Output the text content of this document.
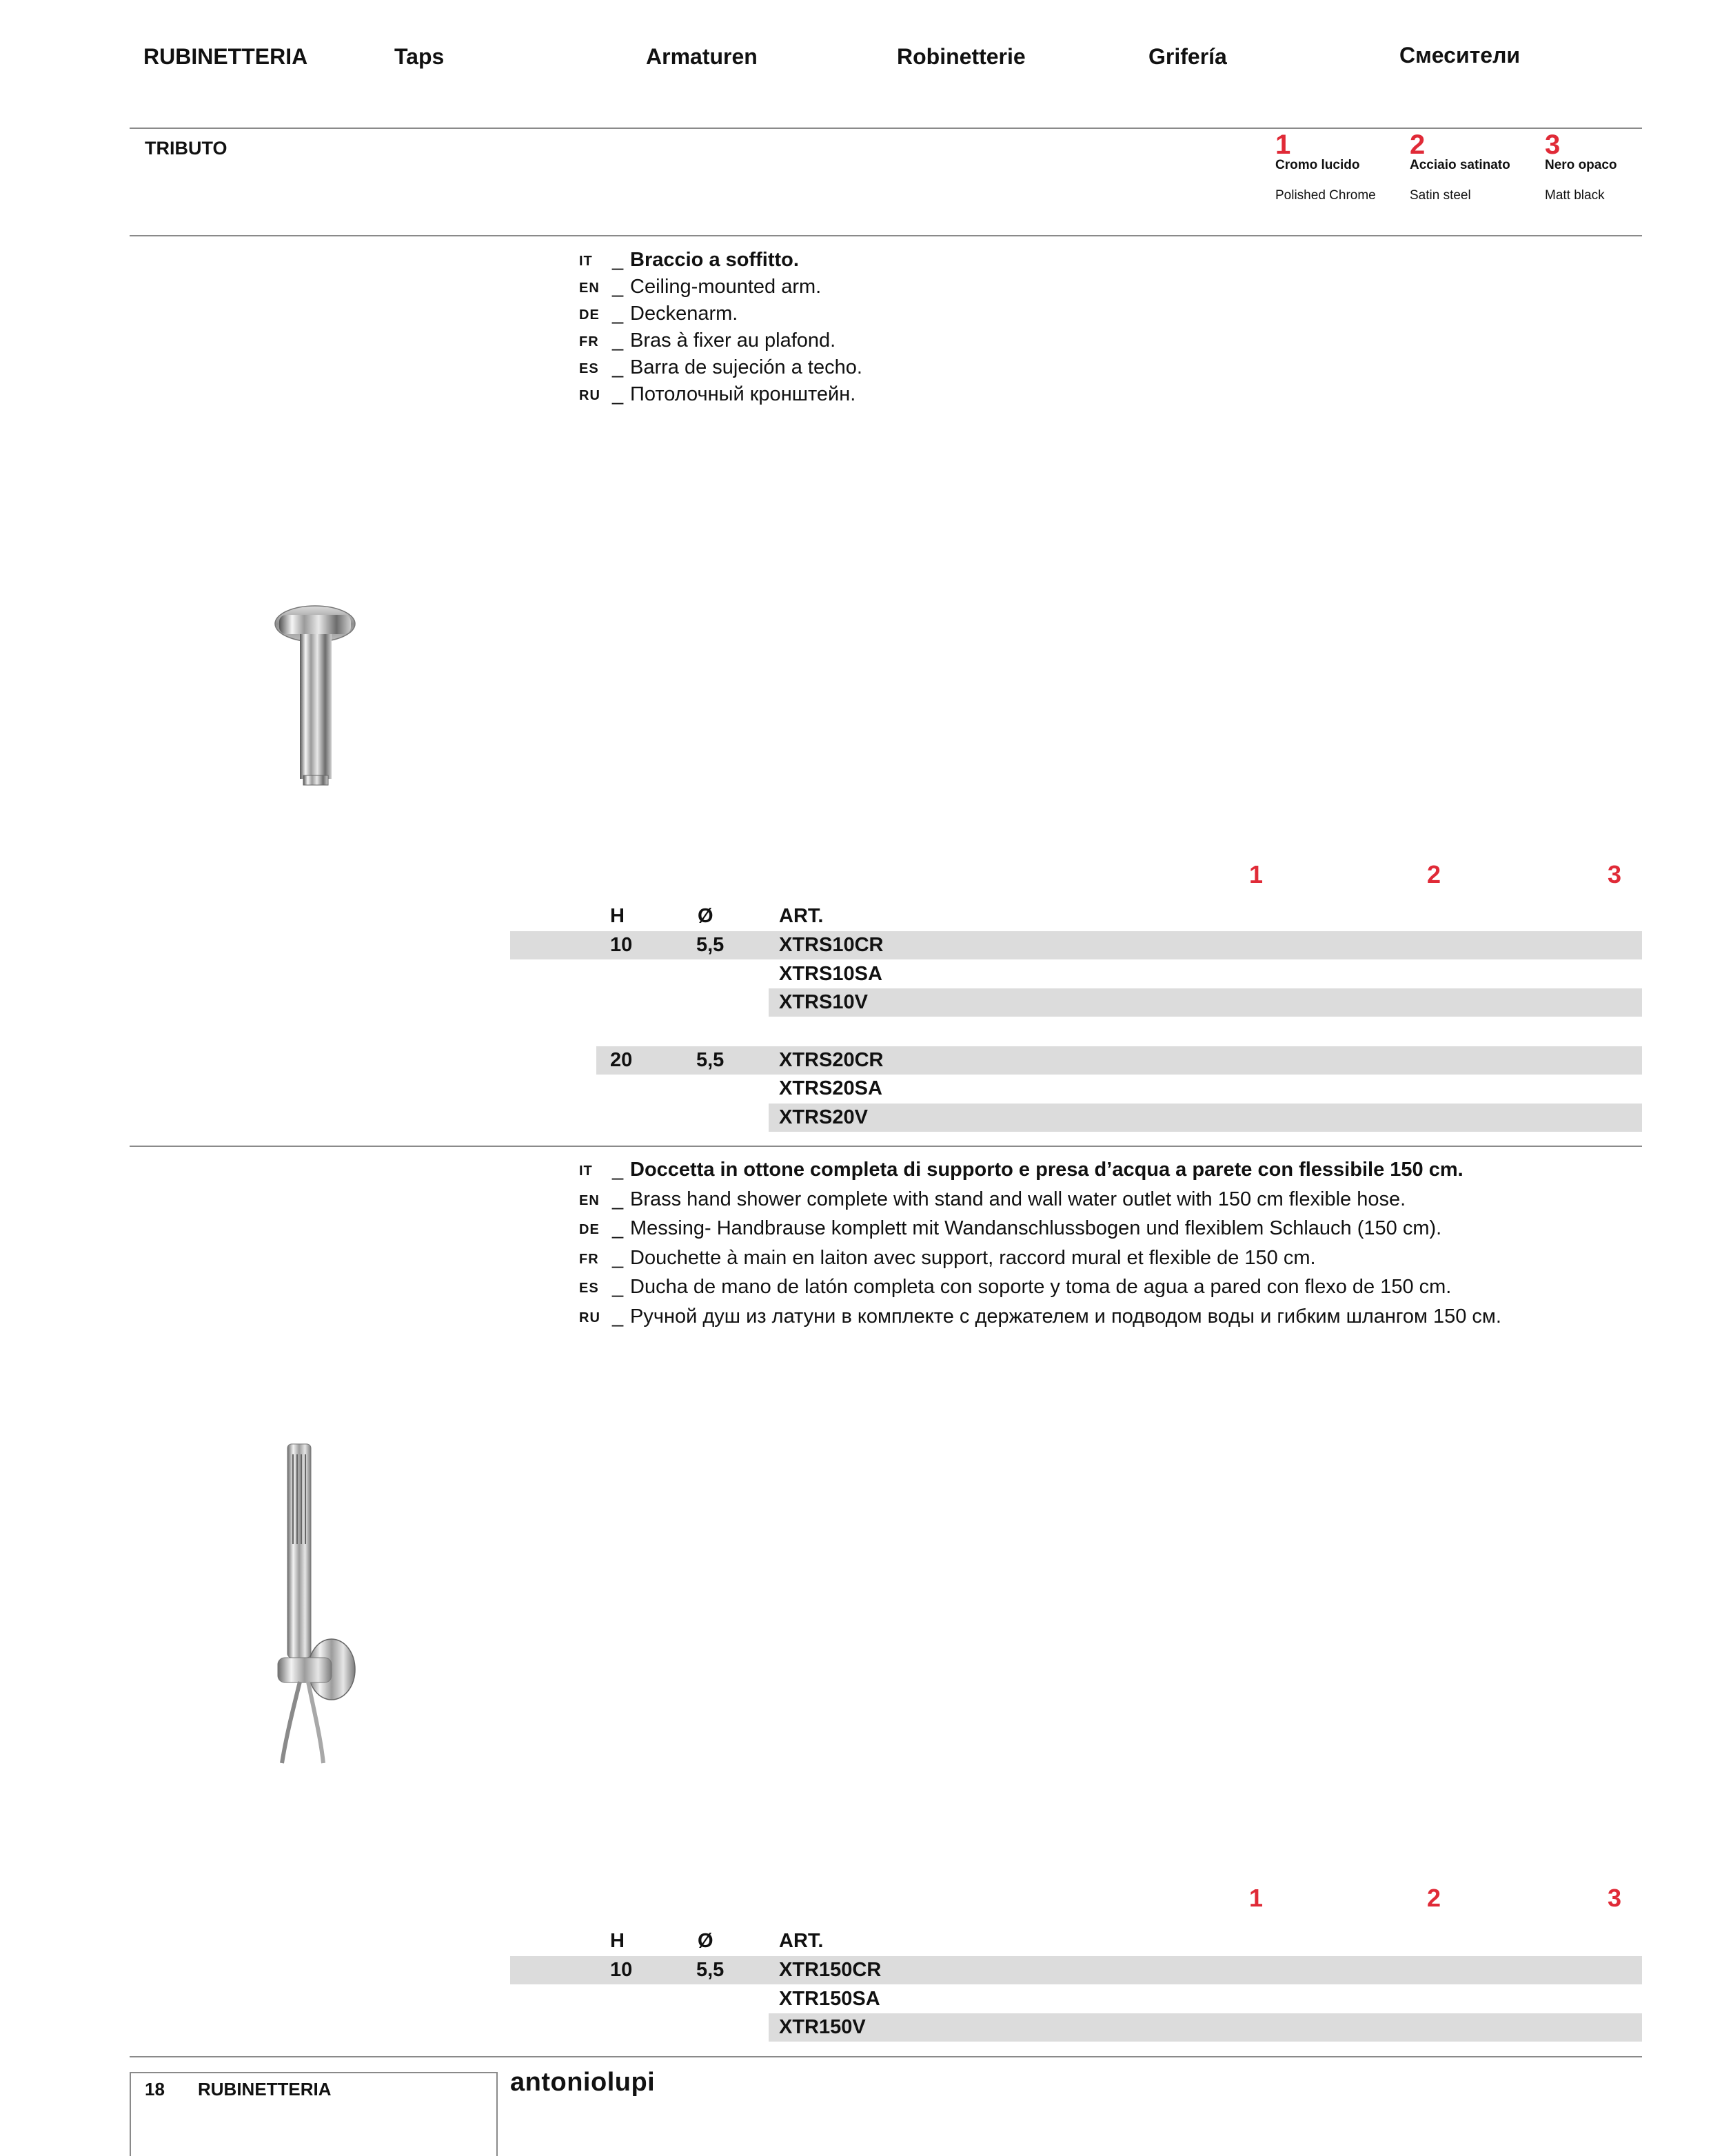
RUBINETTERIA	Taps	Armaturen	Robinetterie	Grifería	Смесители
TRIBUTO	1
Cromo lucido
Polished Chrome
2
Acciaio satinato
Satin steel
3
Nero opaco
Matt black
IT _ Braccio a soffitto.
EN _ Ceiling-mounted arm.
DE _ Deckenarm.
FR _ Bras à fixer au plafond.
ES _ Barra de sujeción a techo.
RU _ Потолочный кронштейн.
1	2	3
H	Ø	ART.
10	5,5	XTRS10CR
XTRS10SA
XTRS10V
20	5,5	XTRS20CR
XTRS20SA
XTRS20V
IT _ Doccetta in ottone completa di supporto e presa d’acqua a parete con flessibile 150 cm.
EN _ Brass hand shower complete with stand and wall water outlet with 150 cm flexible hose.
DE _ Messing- Handbrause komplett mit Wandanschlussbogen und flexiblem Schlauch (150 cm).
FR _ Douchette à main en laiton avec support, raccord mural et flexible de 150 cm.
ES _ Ducha de mano de latón completa con soporte y toma de agua a pared con flexo de 150 cm.
RU _ Ручной душ из латуни в комплекте с держателем и подводом воды и гибким шлангом 150 см.
1	2	3
H	Ø	ART.
10	5,5	XTR150CR
XTR150SA
XTR150V
18 RUBINETTERIA	antoniolupi
